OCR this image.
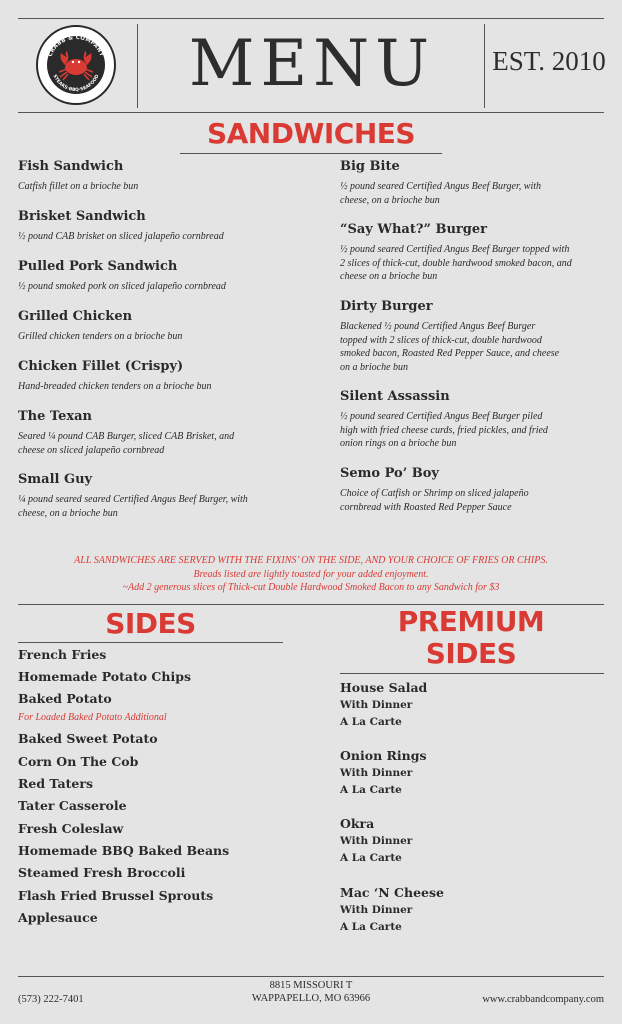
CRABB & COMPANY
STEAKS·BBQ·SEAFOOD	MENU	EST. 2010
SANDWICHES
Fish Sandwich
Catfish fillet on a brioche bun
Brisket Sandwich
½ pound CAB brisket on sliced jalapeño cornbread
Pulled Pork Sandwich
½ pound smoked pork on sliced jalapeño cornbread
Grilled Chicken
Grilled chicken tenders on a brioche bun
Chicken Fillet (Crispy)
Hand-breaded chicken tenders on a brioche bun
The Texan
Seared ¼ pound CAB Burger, sliced CAB Brisket, and cheese on sliced jalapeño cornbread
Small Guy
¼ pound seared seared Certified Angus Beef Burger, with cheese, on a brioche bun
Big Bite
½ pound seared Certified Angus Beef Burger, with cheese, on a brioche bun
“Say What?” Burger
½ pound seared Certified Angus Beef Burger topped with 2 slices of thick-cut, double hardwood smoked bacon, and cheese on a brioche bun
Dirty Burger
Blackened ½ pound Certified Angus Beef Burger topped with 2 slices of thick-cut, double hardwood smoked bacon, Roasted Red Pepper Sauce, and cheese on a brioche bun
Silent Assassin
½ pound seared Certified Angus Beef Burger piled high with fried cheese curds, fried pickles, and fried onion rings on a brioche bun
Semo Po’ Boy
Choice of Catfish or Shrimp on sliced jalapeño cornbread with Roasted Red Pepper Sauce
ALL SANDWICHES ARE SERVED WITH THE FIXINS’ ON THE SIDE, AND YOUR CHOICE OF FRIES OR CHIPS.
Breads listed are lightly toasted for your added enjoyment.
~Add 2 generous slices of Thick-cut Double Hardwood Smoked Bacon to any Sandwich for $3
SIDES
French Fries
Homemade Potato Chips
Baked Potato
For Loaded Baked Potato Additional
Baked Sweet Potato
Corn On The Cob
Red Taters
Tater Casserole
Fresh Coleslaw
Homemade BBQ Baked Beans
Steamed Fresh Broccoli
Flash Fried Brussel Sprouts
Applesauce
PREMIUM
SIDES
House Salad
With Dinner
A La Carte
Onion Rings
With Dinner
A La Carte
Okra
With Dinner
A La Carte
Mac ‘N Cheese
With Dinner
A La Carte
(573) 222-7401
8815 MISSOURI T
WAPPAPELLO, MO 63966	www.crabbandcompany.com
